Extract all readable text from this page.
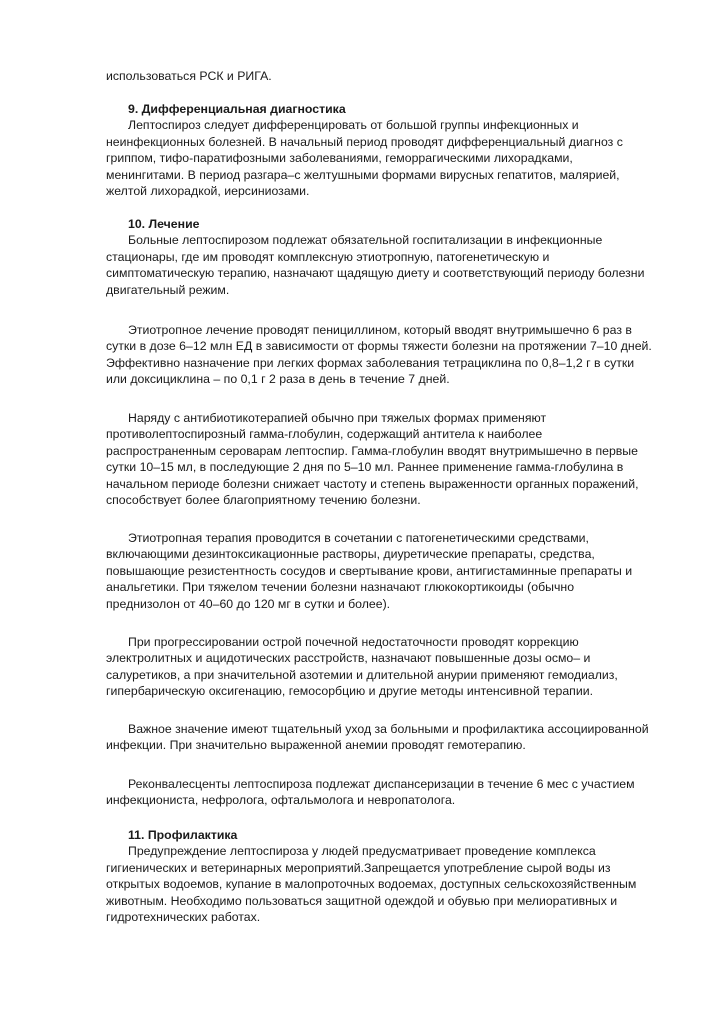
использоваться РСК и РИГА.

9. Дифференциальная диагностика

Лептоспироз следует дифференцировать от большой группы инфекционных и

неинфекционных болезней. В начальный период проводят дифференциальный диагноз с

гриппом, тифо-паратифозными заболеваниями, геморрагическими лихорадками,

менингитами. В период разгара–с желтушными формами вирусных гепатитов, малярией,

желтой лихорадкой, иерсиниозами.

10. Лечение

Больные лептоспирозом подлежат обязательной госпитализации в инфекционные

стационары, где им проводят комплексную этиотропную, патогенетическую и

симптоматическую терапию, назначают щадящую диету и соответствующий периоду болезни

двигательный режим.

Этиотропное лечение проводят пенициллином, который вводят внутримышечно 6 раз в

сутки в дозе 6–12 млн ЕД в зависимости от формы тяжести болезни на протяжении 7–10 дней.

Эффективно назначение при легких формах заболевания тетрациклина по 0,8–1,2 г в сутки

или доксициклина – по 0,1 г 2 раза в день в течение 7 дней.

Наряду с антибиотикотерапией обычно при тяжелых формах применяют

противолептоспирозный гамма-глобулин, содержащий антитела к наиболее

распространенным сероварам лептоспир. Гамма-глобулин вводят внутримышечно в первые

сутки 10–15 мл, в последующие 2 дня по 5–10 мл. Раннее применение гамма-глобулина в

начальном периоде болезни снижает частоту и степень выраженности органных поражений,

способствует более благоприятному течению болезни.

Этиотропная терапия проводится в сочетании с патогенетическими средствами,

включающими дезинтоксикационные растворы, диуретические препараты, средства,

повышающие резистентность сосудов и свертывание крови, антигистаминные препараты и

анальгетики. При тяжелом течении болезни назначают глюкокортикоиды (обычно

преднизолон от 40–60 до 120 мг в сутки и более).

При прогрессировании острой почечной недостаточности проводят коррекцию

электролитных и ацидотических расстройств, назначают повышенные дозы осмо– и

салуретиков, а при значительной азотемии и длительной анурии применяют гемодиализ,

гипербарическую оксигенацию, гемосорбцию и другие методы интенсивной терапии.

Важное значение имеют тщательный уход за больными и профилактика ассоциированной

инфекции. При значительно выраженной анемии проводят гемотерапию.

Реконвалесценты лептоспироза подлежат диспансеризации в течение 6 мес с участием

инфекциониста, нефролога, офтальмолога и невропатолога.

11. Профилактика

Предупреждение лептоспироза у людей предусматривает проведение комплекса

гигиенических и ветеринарных мероприятий.Запрещается употребление сырой воды из

открытых водоемов, купание в малопроточных водоемах, доступных сельскохозяйственным

животным. Необходимо пользоваться защитной одеждой и обувью при мелиоративных и

гидротехнических работах.
